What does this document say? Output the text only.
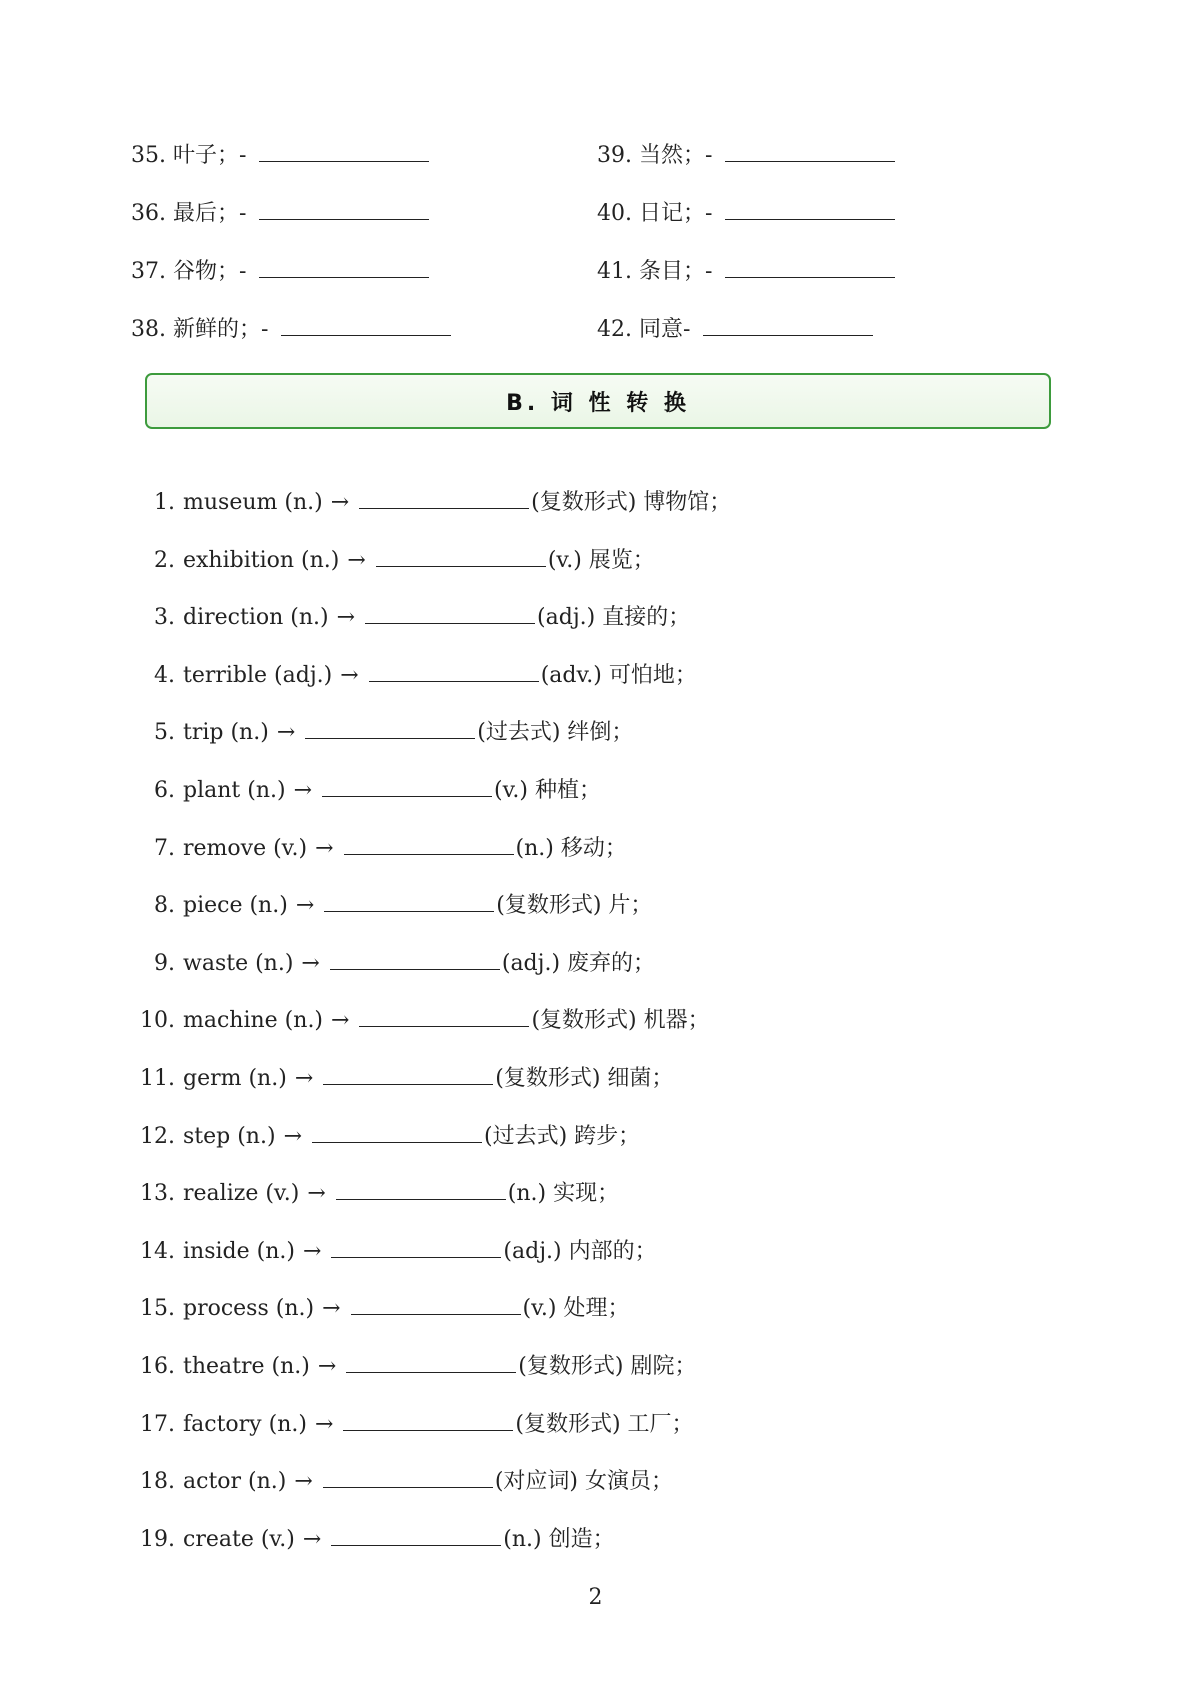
35. 叶子；-
36. 最后；-
37. 谷物；-
38. 新鲜的；-
39. 当然；-
40. 日记；-
41. 条目；-
42. 同意-
B. 词 性 转 换
1. museum (n.) →	(复数形式) 博物馆；
2. exhibition (n.) →	(v.) 展览；
3. direction (n.) →	(adj.) 直接的；
4. terrible (adj.) →	(adv.) 可怕地；
5. trip (n.) →	(过去式) 绊倒；
6. plant (n.) →	(v.) 种植；
7. remove (v.) →	(n.) 移动；
8. piece (n.) →	(复数形式) 片；
9. waste (n.) →	(adj.) 废弃的；
10. machine (n.) →	(复数形式) 机器；
11. germ (n.) →	(复数形式) 细菌；
12. step (n.) →	(过去式) 跨步；
13. realize (v.) →	(n.) 实现；
14. inside (n.) →	(adj.) 内部的；
15. process (n.) →	(v.) 处理；
16. theatre (n.) →	(复数形式) 剧院；
17. factory (n.) →	(复数形式) 工厂；
18. actor (n.) →	(对应词) 女演员；
19. create (v.) →	(n.) 创造；
2
